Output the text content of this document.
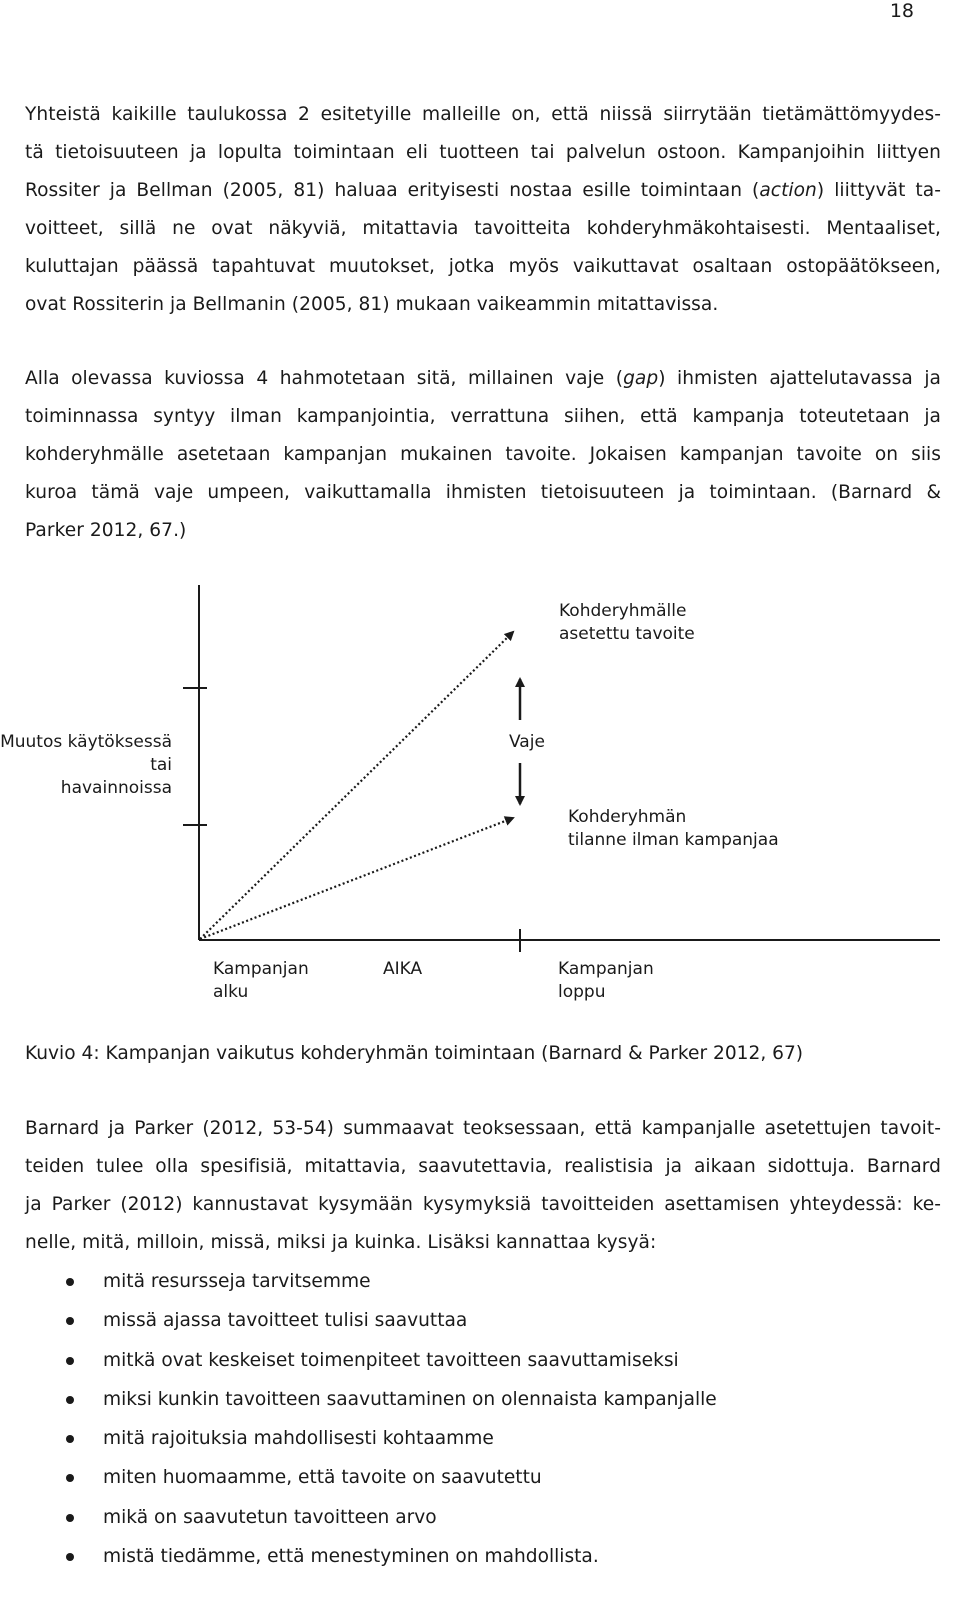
18
Yhteistä kaikille taulukossa 2 esitetyille malleille on, että niissä siirrytään tietämättömyydes-
tä tietoisuuteen ja lopulta toimintaan eli tuotteen tai palvelun ostoon. Kampanjoihin liittyen
Rossiter ja Bellman (2005, 81) haluaa erityisesti nostaa esille toimintaan (action) liittyvät ta-
voitteet, sillä ne ovat näkyviä, mitattavia tavoitteita kohderyhmäkohtaisesti. Mentaaliset,
kuluttajan päässä tapahtuvat muutokset, jotka myös vaikuttavat osaltaan ostopäätökseen,
ovat Rossiterin ja Bellmanin (2005, 81) mukaan vaikeammin mitattavissa.
Alla olevassa kuviossa 4 hahmotetaan sitä, millainen vaje (gap) ihmisten ajattelutavassa ja
toiminnassa syntyy ilman kampanjointia, verrattuna siihen, että kampanja toteutetaan ja
kohderyhmälle asetetaan kampanjan mukainen tavoite. Jokaisen kampanjan tavoite on siis
kuroa tämä vaje umpeen, vaikuttamalla ihmisten tietoisuuteen ja toimintaan. (Barnard &
Parker 2012, 67.)
Muutos käytöksessä
tai
havainnoissa
Kohderyhmälle
asetettu tavoite
Vaje
Kohderyhmän
tilanne ilman kampanjaa
Kampanjan
alku
AIKA	Kampanjan
loppu

Kuvio 4: Kampanjan vaikutus kohderyhmän toimintaan (Barnard & Parker 2012, 67)

Barnard ja Parker (2012, 53-54) summaavat teoksessaan, että kampanjalle asetettujen tavoit-
teiden tulee olla spesifisiä, mitattavia, saavutettavia, realistisia ja aikaan sidottuja. Barnard
ja Parker (2012) kannustavat kysymään kysymyksiä tavoitteiden asettamisen yhteydessä: ke-
nelle, mitä, milloin, missä, miksi ja kuinka. Lisäksi kannattaa kysyä:
mitä resursseja tarvitsemme
missä ajassa tavoitteet tulisi saavuttaa
mitkä ovat keskeiset toimenpiteet tavoitteen saavuttamiseksi
miksi kunkin tavoitteen saavuttaminen on olennaista kampanjalle
mitä rajoituksia mahdollisesti kohtaamme
miten huomaamme, että tavoite on saavutettu
mikä on saavutetun tavoitteen arvo
mistä tiedämme, että menestyminen on mahdollista.
